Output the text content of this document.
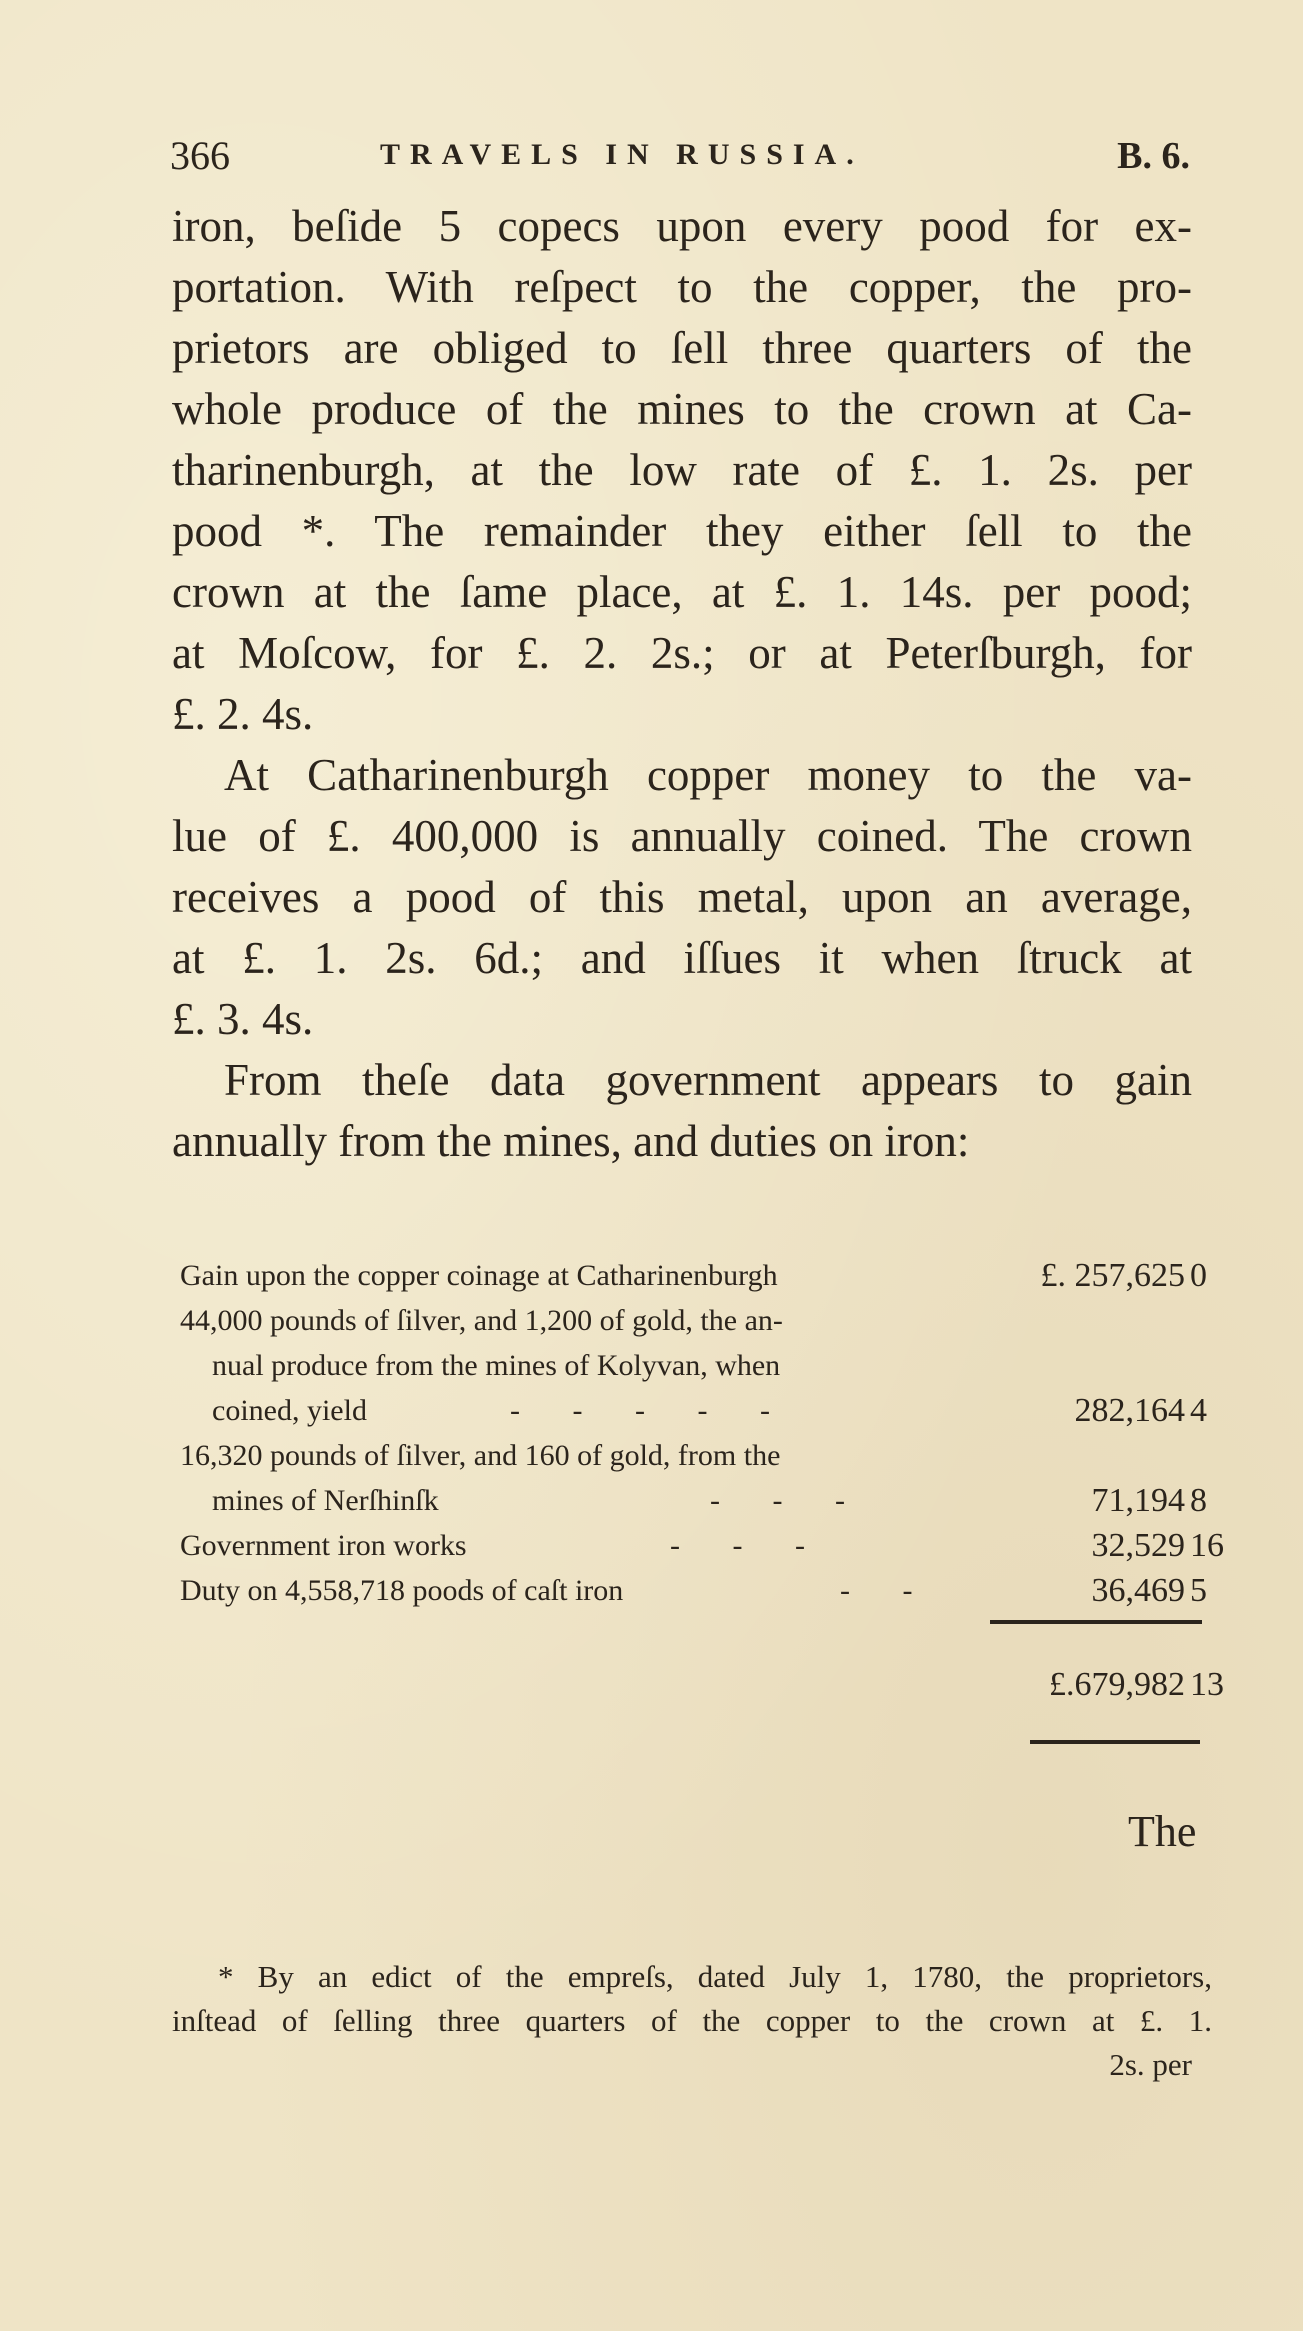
366	TRAVELS IN RUSSIA.	B. 6.
iron, beſide 5 copecs upon every pood for ex-
portation. With reſpect to the copper, the pro-
prietors are obliged to ſell three quarters of the
whole produce of the mines to the crown at Ca-
tharinenburgh, at the low rate of £. 1. 2s. per
pood *. The remainder they either ſell to the
crown at the ſame place, at £. 1. 14s. per pood;
at Moſcow, for £. 2. 2s.; or at Peterſburgh, for
£. 2. 4s.
At Catharinenburgh copper money to the va-
lue of £. 400,000 is annually coined. The crown
receives a pood of this metal, upon an average,
at £. 1. 2s. 6d.; and iſſues it when ſtruck at
£. 3. 4s.
From theſe data government appears to gain
annually from the mines, and duties on iron:
Gain upon the copper coinage at Catharinenburgh	£. 257,625 0
44,000 pounds of ſilver, and 1,200 of gold, the an-
nual produce from the mines of Kolyvan, when
coined, yield	-       -       -       -       -	282,164 4
16,320 pounds of ſilver, and 160 of gold, from the
mines of Nerſhinſk	-       -       -	71,194 8
Government iron works	-       -       -	32,529 16
Duty on 4,558,718 poods of caſt iron	-       -	36,469 5
£.679,982 13
The
* By an edict of the empreſs, dated July 1, 1780, the proprietors,
inſtead of ſelling three quarters of the copper to the crown at £. 1.
2s. per
